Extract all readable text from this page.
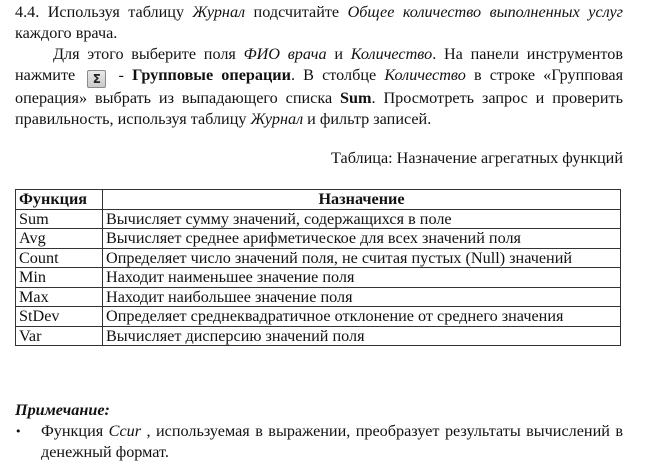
4.4. Используя таблицу Журнал подсчитайте Общее количество выполненных услуг каждого врача.
Для этого выберите поля ФИО врача и Количество. На панели инструментов нажмите Σ - Групповые операции. В столбце Количество в строке «Групповая операция» выбрать из выпадающего списка Sum. Просмотреть запрос и проверить правильность, используя таблицу Журнал и фильтр записей.
Таблица: Назначение агрегатных функций
Функция	Назначение
Sum	Вычисляет сумму значений, содержащихся в поле
Avg	Вычисляет среднее арифметическое для всех значений поля
Count	Определяет число значений поля, не считая пустых (Null) значений
Min	Находит наименьшее значение поля
Max	Находит наибольшее значение поля
StDev	Определяет среднеквадратичное отклонение от среднего значения
Var	Вычисляет дисперсию значений поля
Примечание:
• Функция Ccur , используемая в выражении, преобразует результаты вычислений в денежный формат.
